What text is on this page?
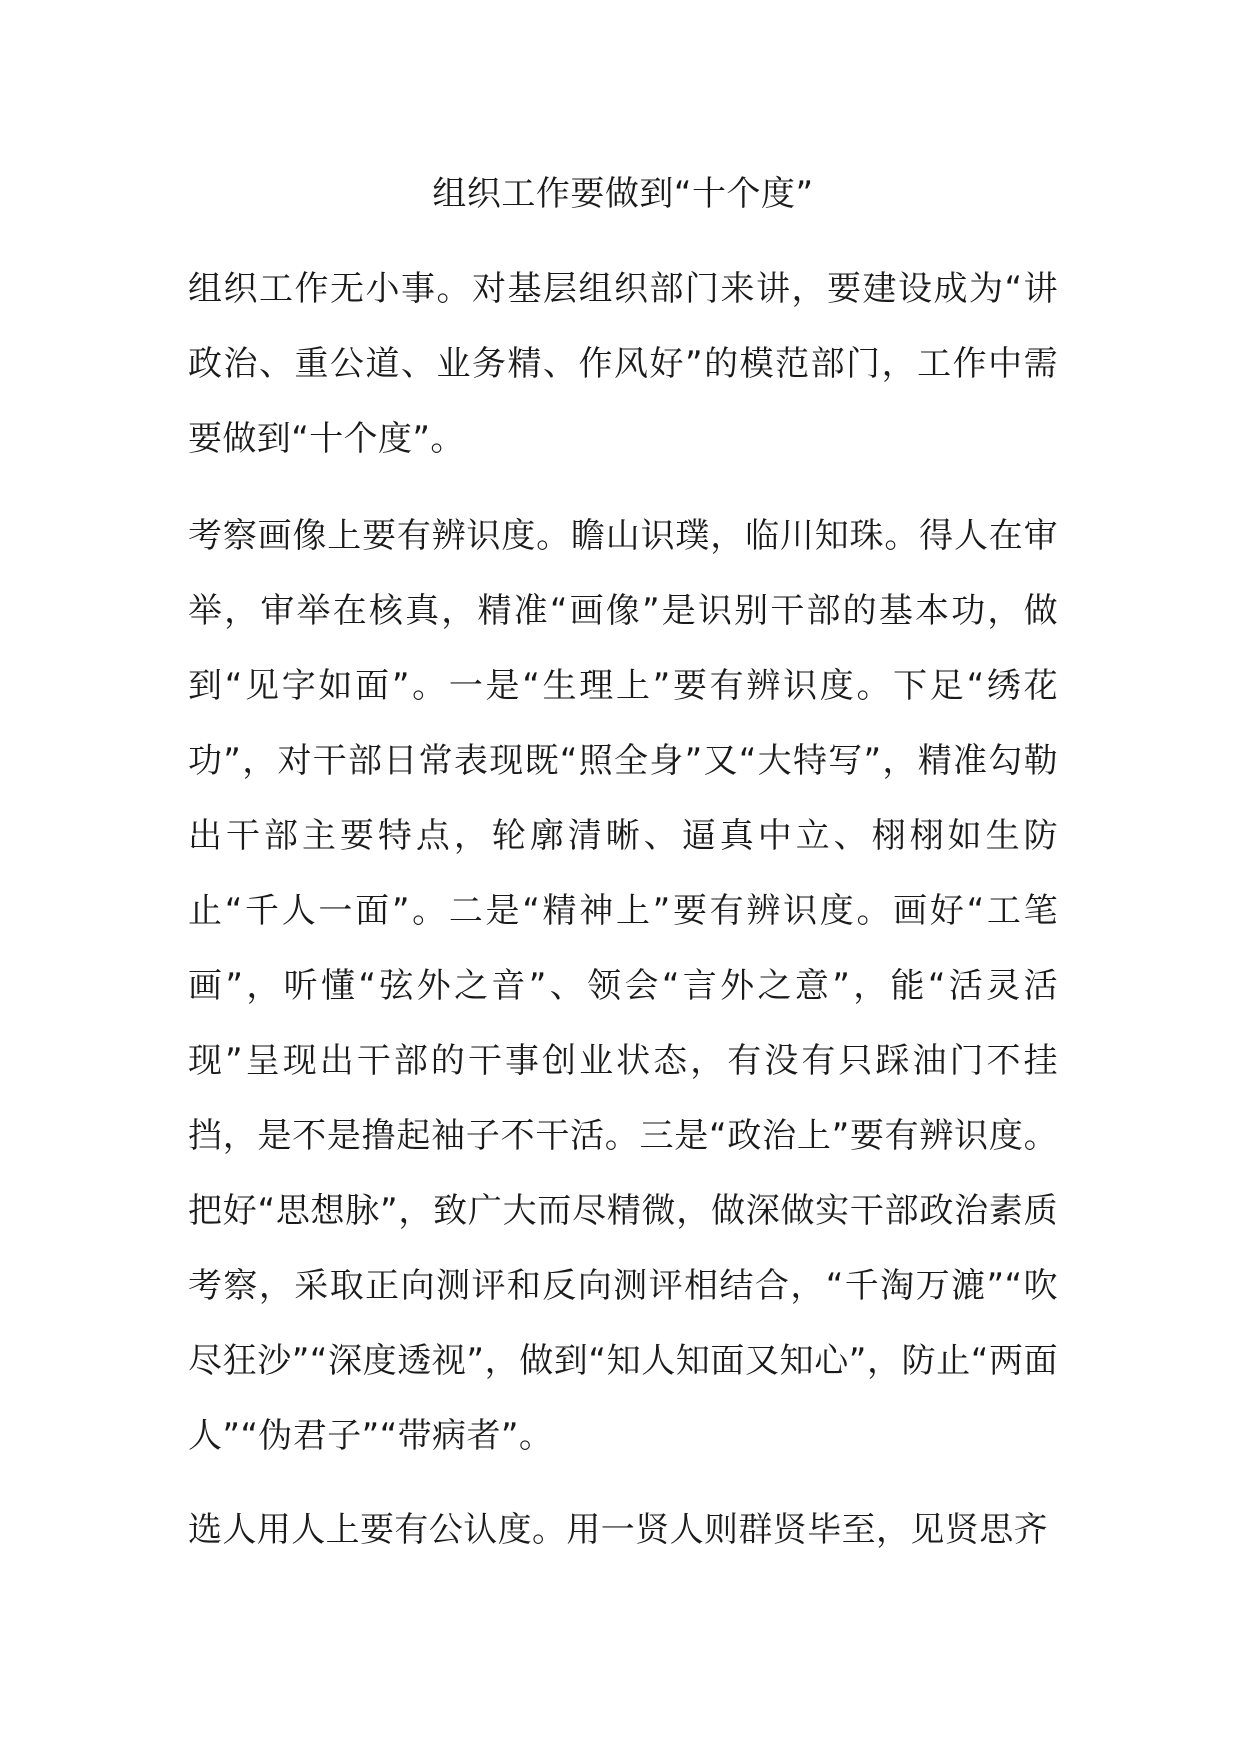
组织工作要做到“十个度”

组织工作无小事。对基层组织部门来讲，要建设成为“讲政治、重公道、业务精、作风好”的模范部门，工作中需要做到“十个度”。

考察画像上要有辨识度。瞻山识璞，临川知珠。得人在审举，审举在核真，精准“画像”是识别干部的基本功，做到“见字如面”。一是“生理上”要有辨识度。下足“绣花功”，对干部日常表现既“照全身”又“大特写”，精准勾勒出干部主要特点，轮廓清晰、逼真中立、栩栩如生防止“千人一面”。二是“精神上”要有辨识度。画好“工笔画”，听懂“弦外之音”、领会“言外之意”，能“活灵活现”呈现出干部的干事创业状态，有没有只踩油门不挂挡，是不是撸起袖子不干活。三是“政治上”要有辨识度。把好“思想脉”，致广大而尽精微，做深做实干部政治素质考察，采取正向测评和反向测评相结合，“千淘万漉”“吹尽狂沙”“深度透视”，做到“知人知面又知心”，防止“两面人”“伪君子”“带病者”。

选人用人上要有公认度。用一贤人则群贤毕至，见贤思齐
